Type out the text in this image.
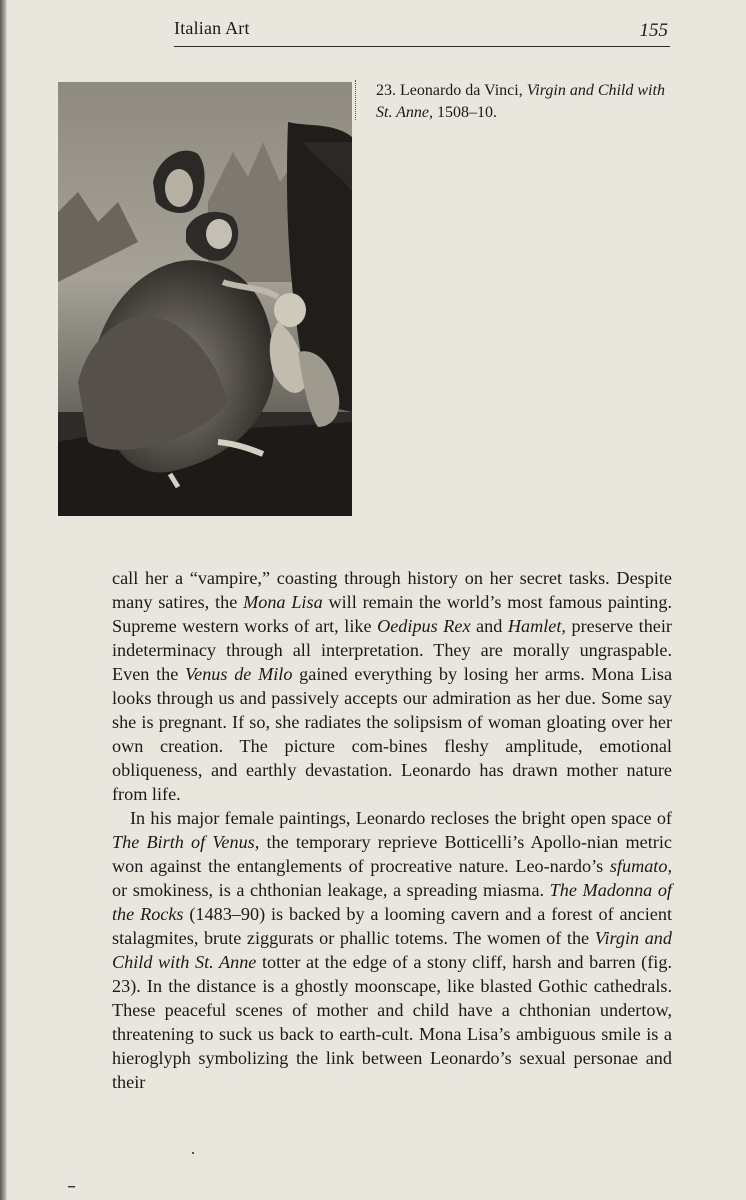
Italian Art	155
23. Leonardo da Vinci, Virgin and Child with St. Anne, 1508–10.

call her a “vampire,” coasting through history on her secret tasks. Despite many satires, the Mona Lisa will remain the world’s most famous painting. Supreme western works of art, like Oedipus Rex and Hamlet, preserve their indeterminacy through all interpretation. They are morally ungraspable. Even the Venus de Milo gained everything by losing her arms. Mona Lisa looks through us and passively accepts our admiration as her due. Some say she is pregnant. If so, she radiates the solipsism of woman gloating over her own creation. The picture com-bines fleshy amplitude, emotional obliqueness, and earthly devastation. Leonardo has drawn mother nature from life.

In his major female paintings, Leonardo recloses the bright open space of The Birth of Venus, the temporary reprieve Botticelli’s Apollo-nian metric won against the entanglements of procreative nature. Leo-nardo’s sfumato, or smokiness, is a chthonian leakage, a spreading miasma. The Madonna of the Rocks (1483–90) is backed by a looming cavern and a forest of ancient stalagmites, brute ziggurats or phallic totems. The women of the Virgin and Child with St. Anne totter at the edge of a stony cliff, harsh and barren (fig. 23). In the distance is a ghostly moonscape, like blasted Gothic cathedrals. These peaceful scenes of mother and child have a chthonian undertow, threatening to suck us back to earth-cult. Mona Lisa’s ambiguous smile is a hieroglyph symbolizing the link between Leonardo’s sexual personae and their
